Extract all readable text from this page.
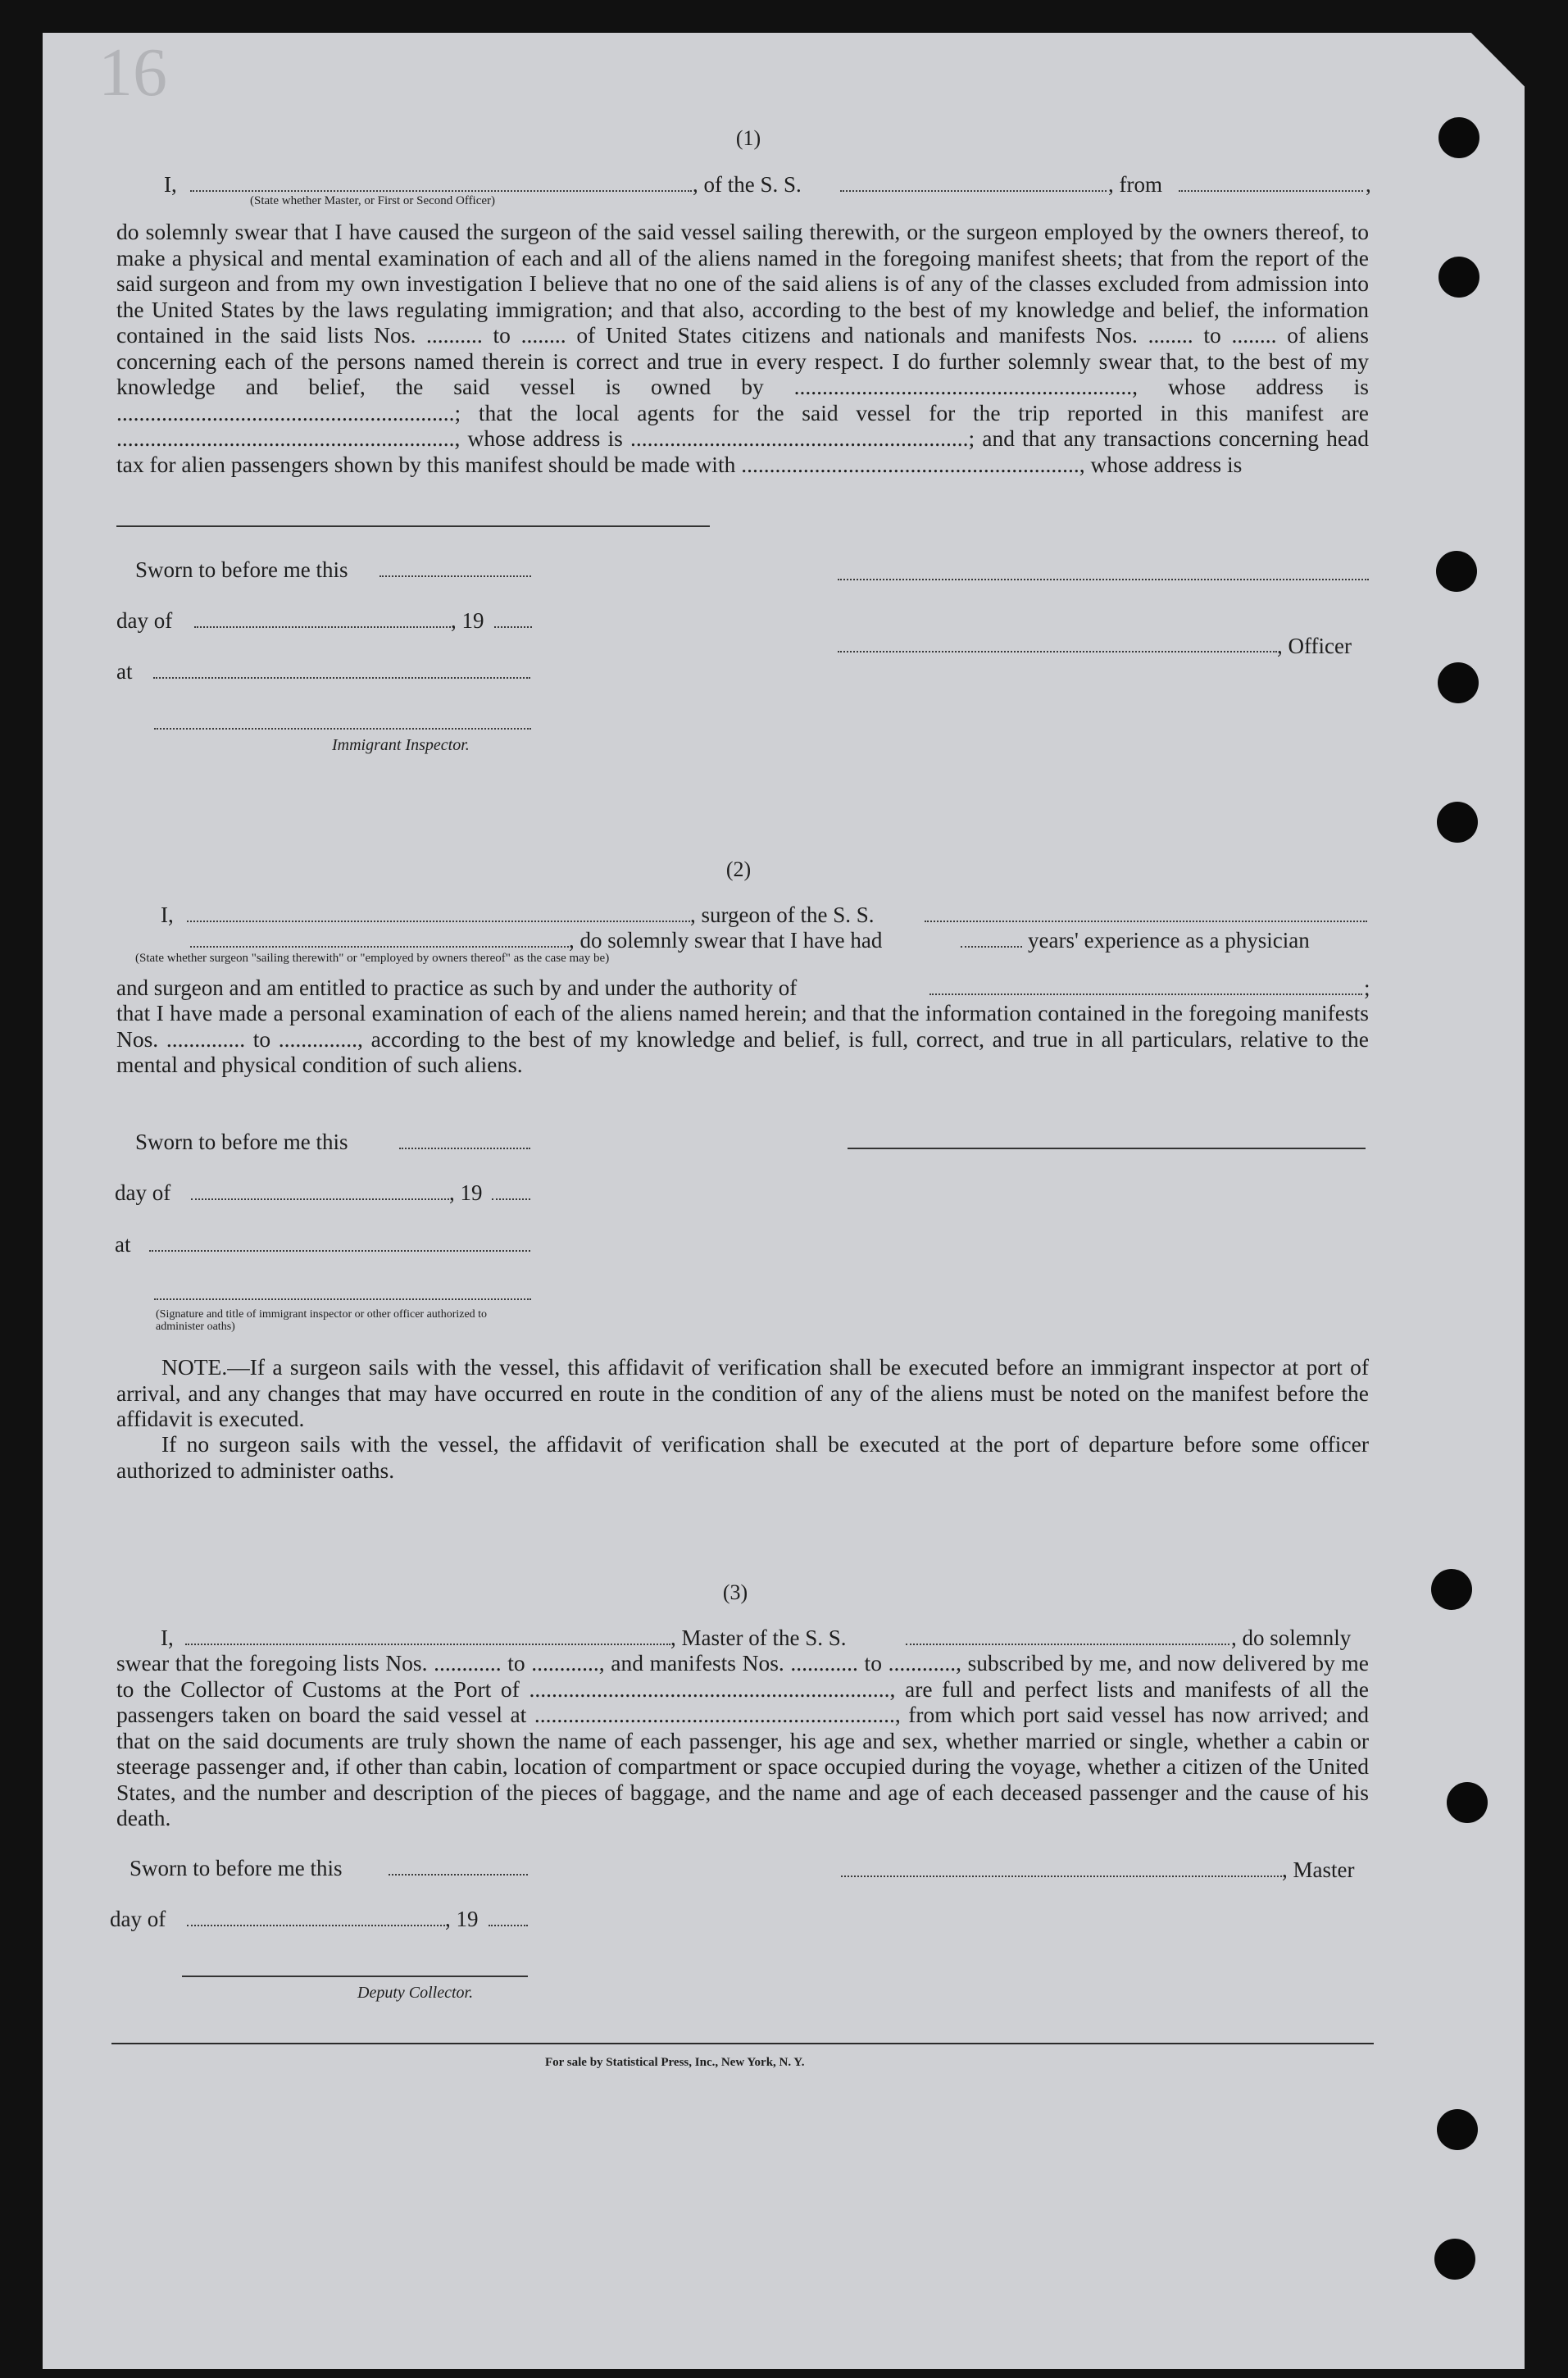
16
(1)
I,	, of the S. S.	, from	,
(State whether Master, or First or Second Officer)
do solemnly swear that I have caused the surgeon of the said vessel sailing therewith, or the surgeon employed by the owners thereof, to make a physical and mental examination of each and all of the aliens named in the foregoing manifest sheets; that from the report of the said surgeon and from my own investigation I believe that no one of the said aliens is of any of the classes excluded from admission into the United States by the laws regulating immigration; and that also, according to the best of my knowledge and belief, the information contained in the said lists Nos. .......... to ........ of United States citizens and nationals and manifests Nos. ........ to ........ of aliens concerning each of the persons named therein is correct and true in every respect. I do further solemnly swear that, to the best of my knowledge and belief, the said vessel is owned by ............................................................, whose address is ............................................................; that the local agents for the said vessel for the trip reported in this manifest are ............................................................, whose address is ............................................................; and that any transactions concerning head tax for alien passengers shown by this manifest should be made with ............................................................, whose address is
Sworn to before me this
day of	, 19
, Officer
at
Immigrant Inspector.
(2)
I,	, surgeon of the S. S.
, do solemnly swear that I have had	years' experience as a physician
(State whether surgeon "sailing therewith" or "employed by owners thereof" as the case may be)
and surgeon and am entitled to practice as such by and under the authority of	;
that I have made a personal examination of each of the aliens named herein; and that the information contained in the foregoing manifests Nos. .............. to .............., according to the best of my knowledge and belief, is full, correct, and true in all particulars, relative to the mental and physical condition of such aliens.
Sworn to before me this
day of	, 19
at
(Signature and title of immigrant inspector or other officer authorized to administer oaths)
NOTE.—If a surgeon sails with the vessel, this affidavit of verification shall be executed before an immigrant inspector at port of arrival, and any changes that may have occurred en route in the condition of any of the aliens must be noted on the manifest before the affidavit is executed.
If no surgeon sails with the vessel, the affidavit of verification shall be executed at the port of departure before some officer authorized to administer oaths.
(3)
I,	, Master of the S. S.	, do solemnly
swear that the foregoing lists Nos. ............ to ............, and manifests Nos. ............ to ............, subscribed by me, and now delivered by me to the Collector of Customs at the Port of ................................................................, are full and perfect lists and manifests of all the passengers taken on board the said vessel at ................................................................, from which port said vessel has now arrived; and that on the said documents are truly shown the name of each passenger, his age and sex, whether married or single, whether a cabin or steerage passenger and, if other than cabin, location of compartment or space occupied during the voyage, whether a citizen of the United States, and the number and description of the pieces of baggage, and the name and age of each deceased passenger and the cause of his death.
Sworn to before me this	, Master
day of	, 19
Deputy Collector.
For sale by Statistical Press, Inc., New York, N. Y.
